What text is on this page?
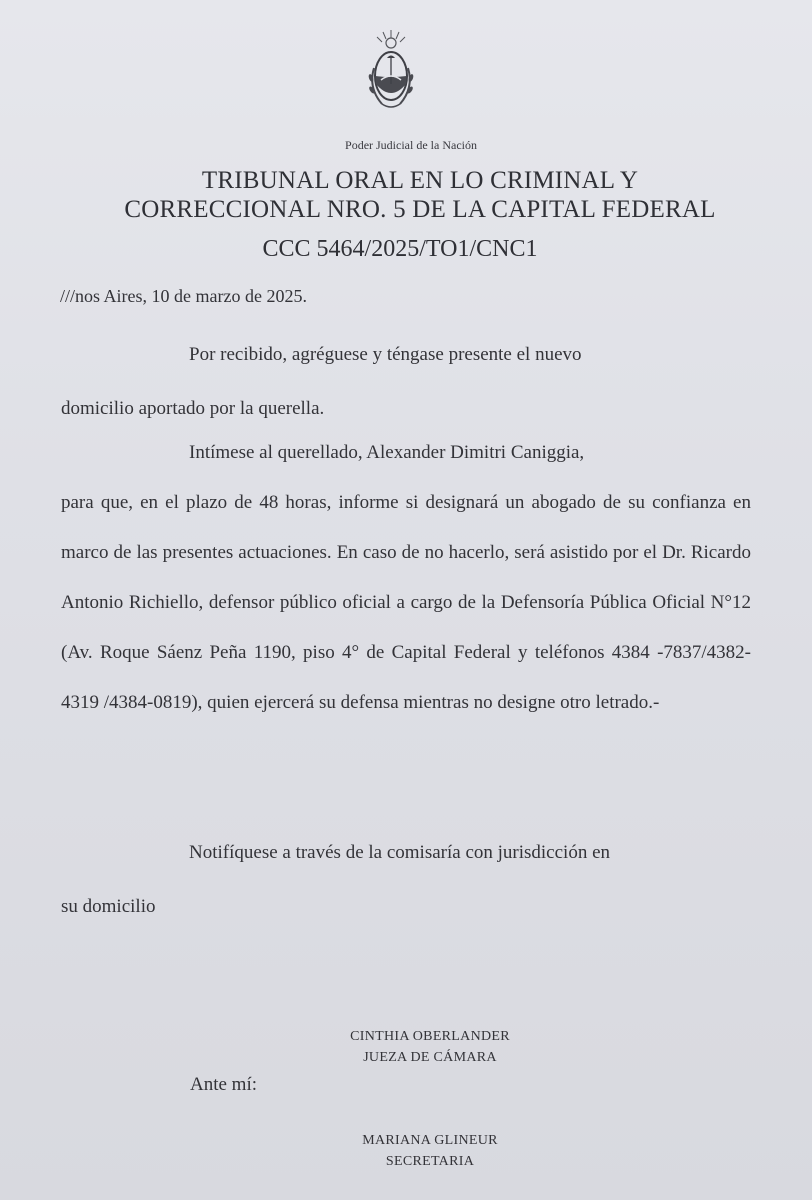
Poder Judicial de la Nación
TRIBUNAL ORAL EN LO CRIMINAL Y
CORRECCIONAL NRO. 5 DE LA CAPITAL FEDERAL
CCC 5464/2025/TO1/CNC1
///nos Aires, 10 de marzo de 2025.
Por recibido, agréguese y téngase presente el nuevo
domicilio aportado por la querella.
Intímese al querellado, Alexander Dimitri Caniggia,
para que, en el plazo de 48 horas, informe si designará un abogado de su confianza en marco de las presentes actuaciones. En caso de no hacerlo, será asistido por el Dr. Ricardo Antonio Richiello, defensor público oficial a cargo de la Defensoría Pública Oficial N°12 (Av. Roque Sáenz Peña 1190, piso 4° de Capital Federal y teléfonos 4384 -7837/4382-4319 /4384-0819), quien ejercerá su defensa mientras no designe otro letrado.-
Notifíquese a través de la comisaría con jurisdicción en
su domicilio
CINTHIA OBERLANDER
JUEZA DE CÁMARA
Ante mí:
MARIANA GLINEUR
SECRETARIA
